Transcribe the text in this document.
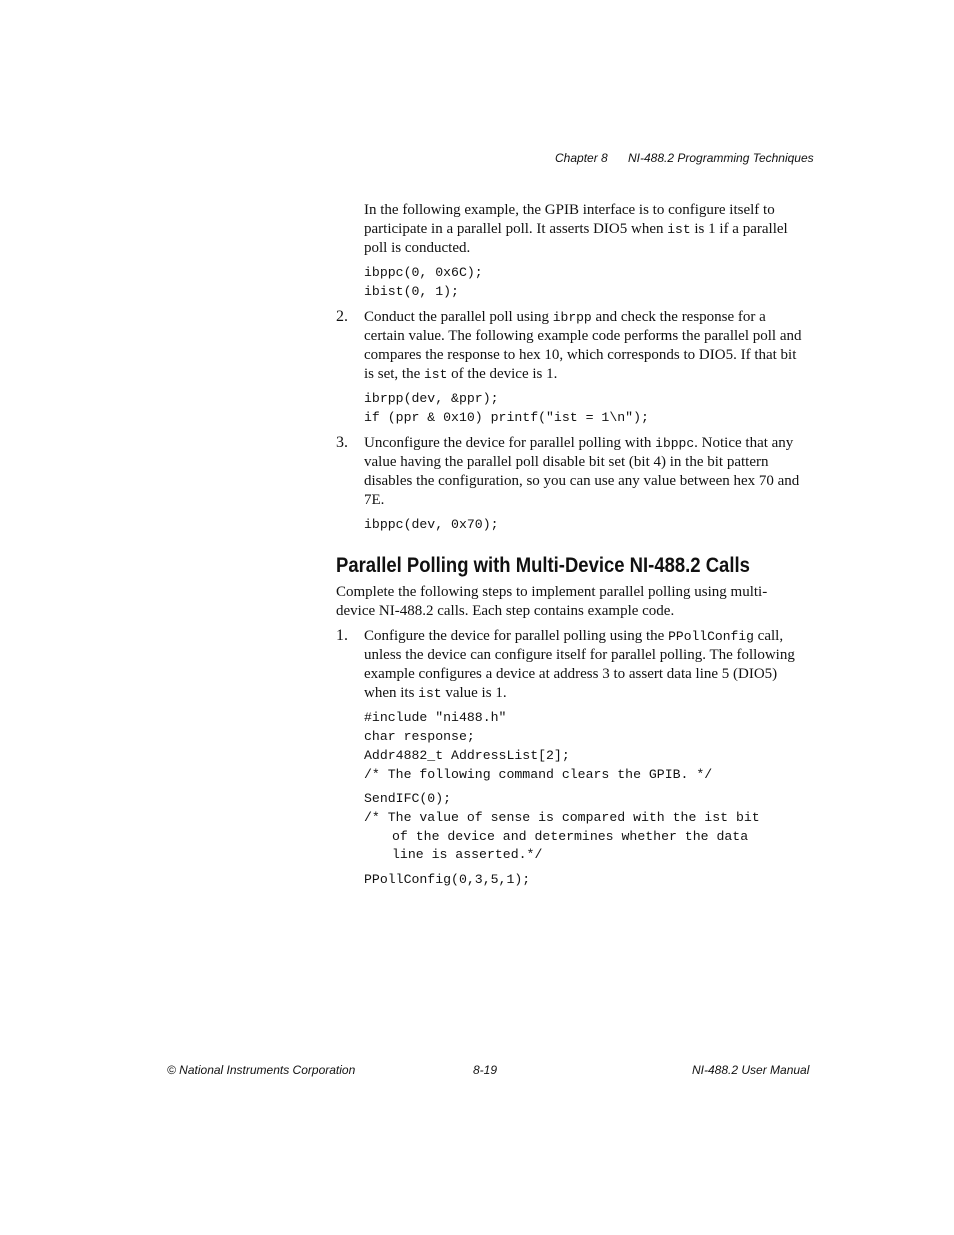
Chapter 8 NI-488.2 Programming Techniques

In the following example, the GPIB interface is to configure itself to participate in a parallel poll. It asserts DIO5 when ist is 1 if a parallel poll is conducted.

ibppc(0, 0x6C);
ibist(0, 1);
2. Conduct the parallel poll using ibrpp and check the response for a certain value. The following example code performs the parallel poll and compares the response to hex 10, which corresponds to DIO5. If that bit is set, the ist of the device is 1.

ibrpp(dev, &ppr);
if (ppr & 0x10) printf("ist = 1\n");
3. Unconfigure the device for parallel polling with ibppc. Notice that any value having the parallel poll disable bit set (bit 4) in the bit pattern disables the configuration, so you can use any value between hex 70 and 7E.

ibppc(dev, 0x70);
Parallel Polling with Multi-Device NI-488.2 Calls

Complete the following steps to implement parallel polling using multi-device NI-488.2 calls. Each step contains example code.

1. Configure the device for parallel polling using the PPollConfig call, unless the device can configure itself for parallel polling. The following example configures a device at address 3 to assert data line 5 (DIO5) when its ist value is 1.

#include "ni488.h"
char response;
Addr4882_t AddressList[2];
/* The following command clears the GPIB. */
SendIFC(0);
/* The value of sense is compared with the ist bit
of the device and determines whether the data
line is asserted.*/
PPollConfig(0,3,5,1);
© National Instruments Corporation	8-19	NI-488.2 User Manual
